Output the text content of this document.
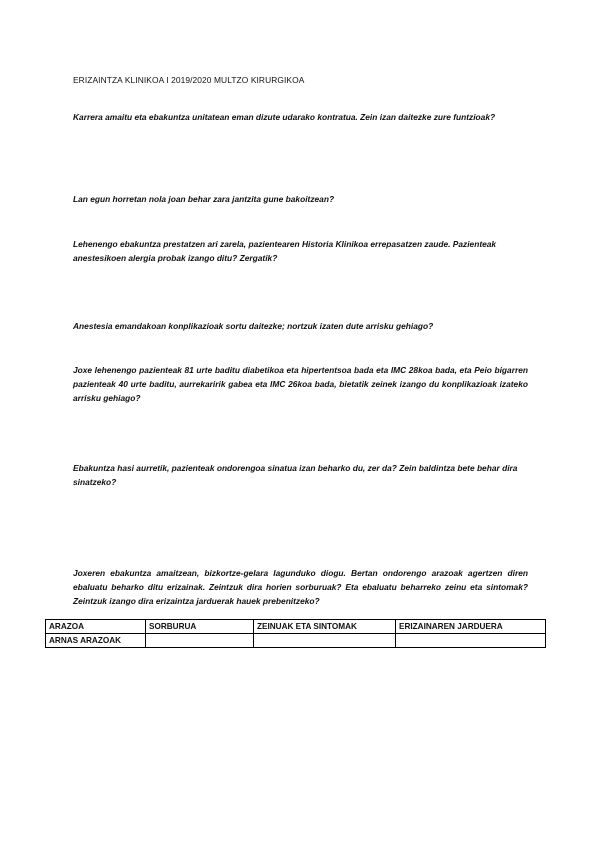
ERIZAINTZA KLINIKOA I 2019/2020 MULTZO KIRURGIKOA

Karrera amaitu eta ebakuntza unitatean eman dizute udarako kontratua. Zein izan daitezke zure funtzioak?

Lan egun horretan nola joan behar zara jantzita gune bakoitzean?

Lehenengo ebakuntza prestatzen ari zarela, pazientearen Historia Klinikoa errepasatzen zaude. Pazienteak anestesikoen alergia probak izango ditu? Zergatik?

Anestesia emandakoan konplikazioak sortu daitezke; nortzuk izaten dute arrisku gehiago?

Joxe lehenengo pazienteak 81 urte baditu diabetikoa eta hipertentsoa bada eta IMC 28koa bada, eta Peio bigarren pazienteak 40 urte baditu, aurrekaririk gabea eta IMC 26koa bada, bietatik zeinek izango du konplikazioak izateko arrisku gehiago?

Ebakuntza hasi aurretik, pazienteak ondorengoa sinatua izan beharko du, zer da? Zein baldintza bete behar dira sinatzeko?

Joxeren ebakuntza amaitzean, bizkortze-gelara lagunduko diogu. Bertan ondorengo arazoak agertzen diren ebaluatu beharko ditu erizainak. Zeintzuk dira horien sorburuak? Eta ebaluatu beharreko zeinu eta sintomak? Zeintzuk izango dira erizaintza jarduerak hauek prebenitzeko?

ARAZOA	SORBURUA	ZEINUAK ETA SINTOMAK	ERIZAINAREN JARDUERA
ARNAS ARAZOAK			
